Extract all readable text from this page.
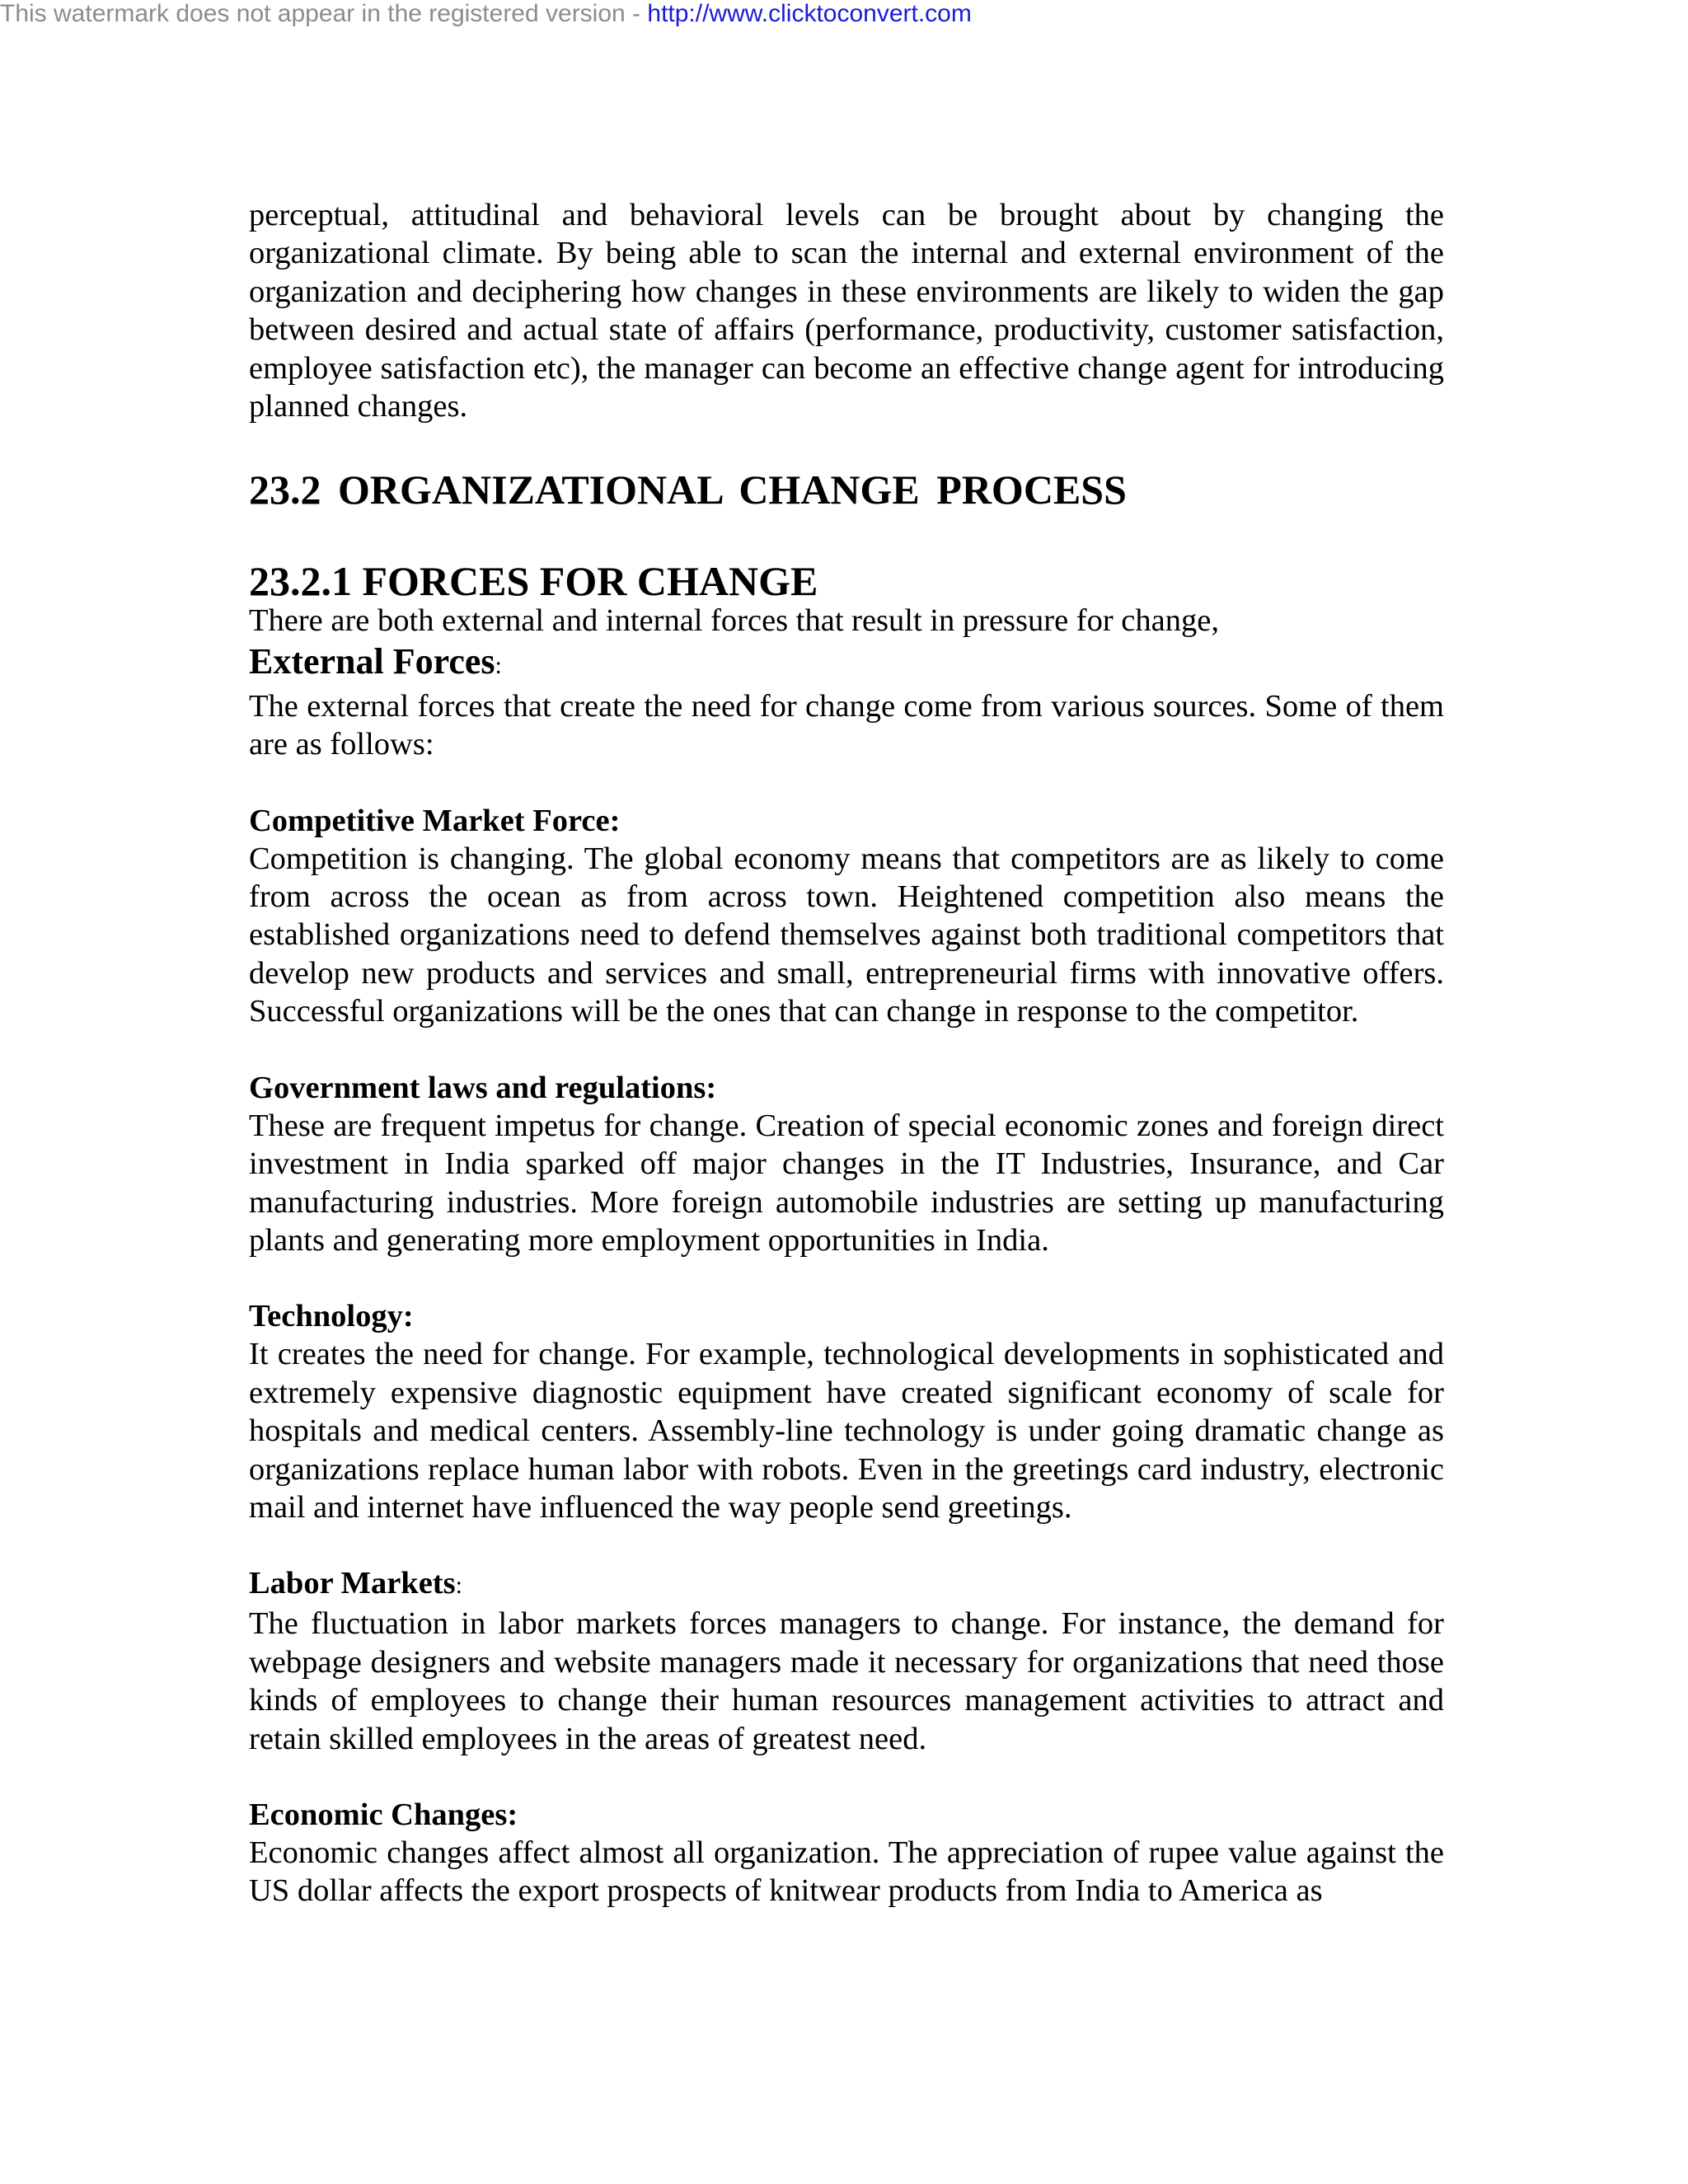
This watermark does not appear in the registered version - http://www.clicktoconvert.com

perceptual, attitudinal and behavioral levels can be brought about by changing the organizational climate. By being able to scan the internal and external environment of the organization and deciphering how changes in these environments are likely to widen the gap between desired and actual state of affairs (performance, productivity, customer satisfaction, employee satisfaction etc), the manager can become an effective change agent for introducing planned changes.

23.2 ORGANIZATIONAL CHANGE PROCESS
23.2.1 FORCES FOR CHANGE

There are both external and internal forces that result in pressure for change,

External Forces:

The external forces that create the need for change come from various sources. Some of them are as follows:

Competitive Market Force:

Competition is changing. The global economy means that competitors are as likely to come from across the ocean as from across town. Heightened competition also means the established organizations need to defend themselves against both traditional competitors that develop new products and services and small, entrepreneurial firms with innovative offers. Successful organizations will be the ones that can change in response to the competitor.

Government laws and regulations:

These are frequent impetus for change. Creation of special economic zones and foreign direct investment in India sparked off major changes in the IT Industries, Insurance, and Car manufacturing industries. More foreign automobile industries are setting up manufacturing plants and generating more employment opportunities in India.

Technology:

It creates the need for change. For example, technological developments in sophisticated and extremely expensive diagnostic equipment have created significant economy of scale for hospitals and medical centers. Assembly-line technology is under going dramatic change as organizations replace human labor with robots. Even in the greetings card industry, electronic mail and internet have influenced the way people send greetings.

Labor Markets:

The fluctuation in labor markets forces managers to change. For instance, the demand for webpage designers and website managers made it necessary for organizations that need those kinds of employees to change their human resources management activities to attract and retain skilled employees in the areas of greatest need.

Economic Changes:

Economic changes affect almost all organization. The appreciation of rupee value against the US dollar affects the export prospects of knitwear products from India to America as
